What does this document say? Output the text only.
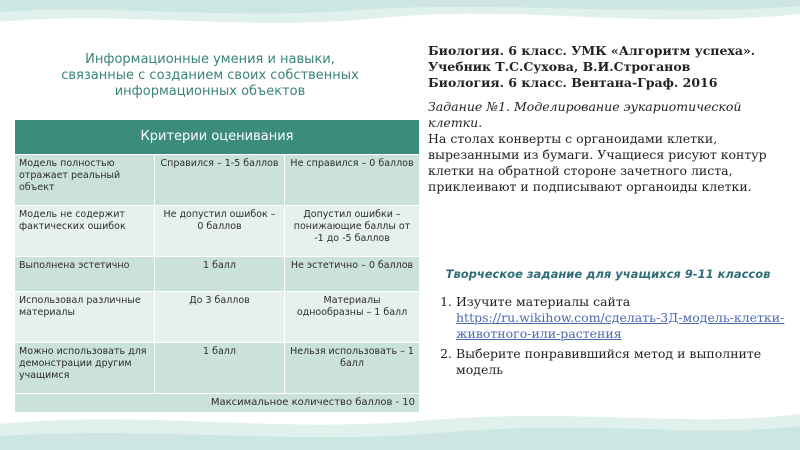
Информационные умения и навыки,
связанные с созданием своих собственных
информационных объектов
Критерии оценивания		
Модель полностью отражает реальный объект	Справился – 1-5 баллов	Не справился – 0 баллов
Модель не содержит фактических ошибок	Не допустил ошибок – 0 баллов	Допустил ошибки – понижающие баллы от -1 до -5 баллов
Выполнена эстетично	1 балл	Не эстетично – 0 баллов
Использовал различные материалы	До 3 баллов	Материалы однообразны – 1 балл
Можно использовать для демонстрации другим учащимся	1 балл	Нельзя использовать – 1 балл
Максимальное количество баллов - 10		
Биология. 6 класс. УМК «Алгоритм успеха».
Учебник Т.С.Сухова, В.И.Строганов
Биология. 6 класс. Вентана-Граф. 2016
Задание №1. Моделирование эукариотической клетки.
На столах конверты с органоидами клетки, вырезанными из бумаги. Учащиеся рисуют контур клетки на обратной стороне зачетного листа, приклеивают и подписывают органоиды клетки.
Творческое задание для учащихся 9-11 классов
1. Изучите материалы сайта
https://ru.wikihow.com/сделать-3Д-модель-клетки-животного-или-растения
2. Выберите понравившийся метод и выполните модель
